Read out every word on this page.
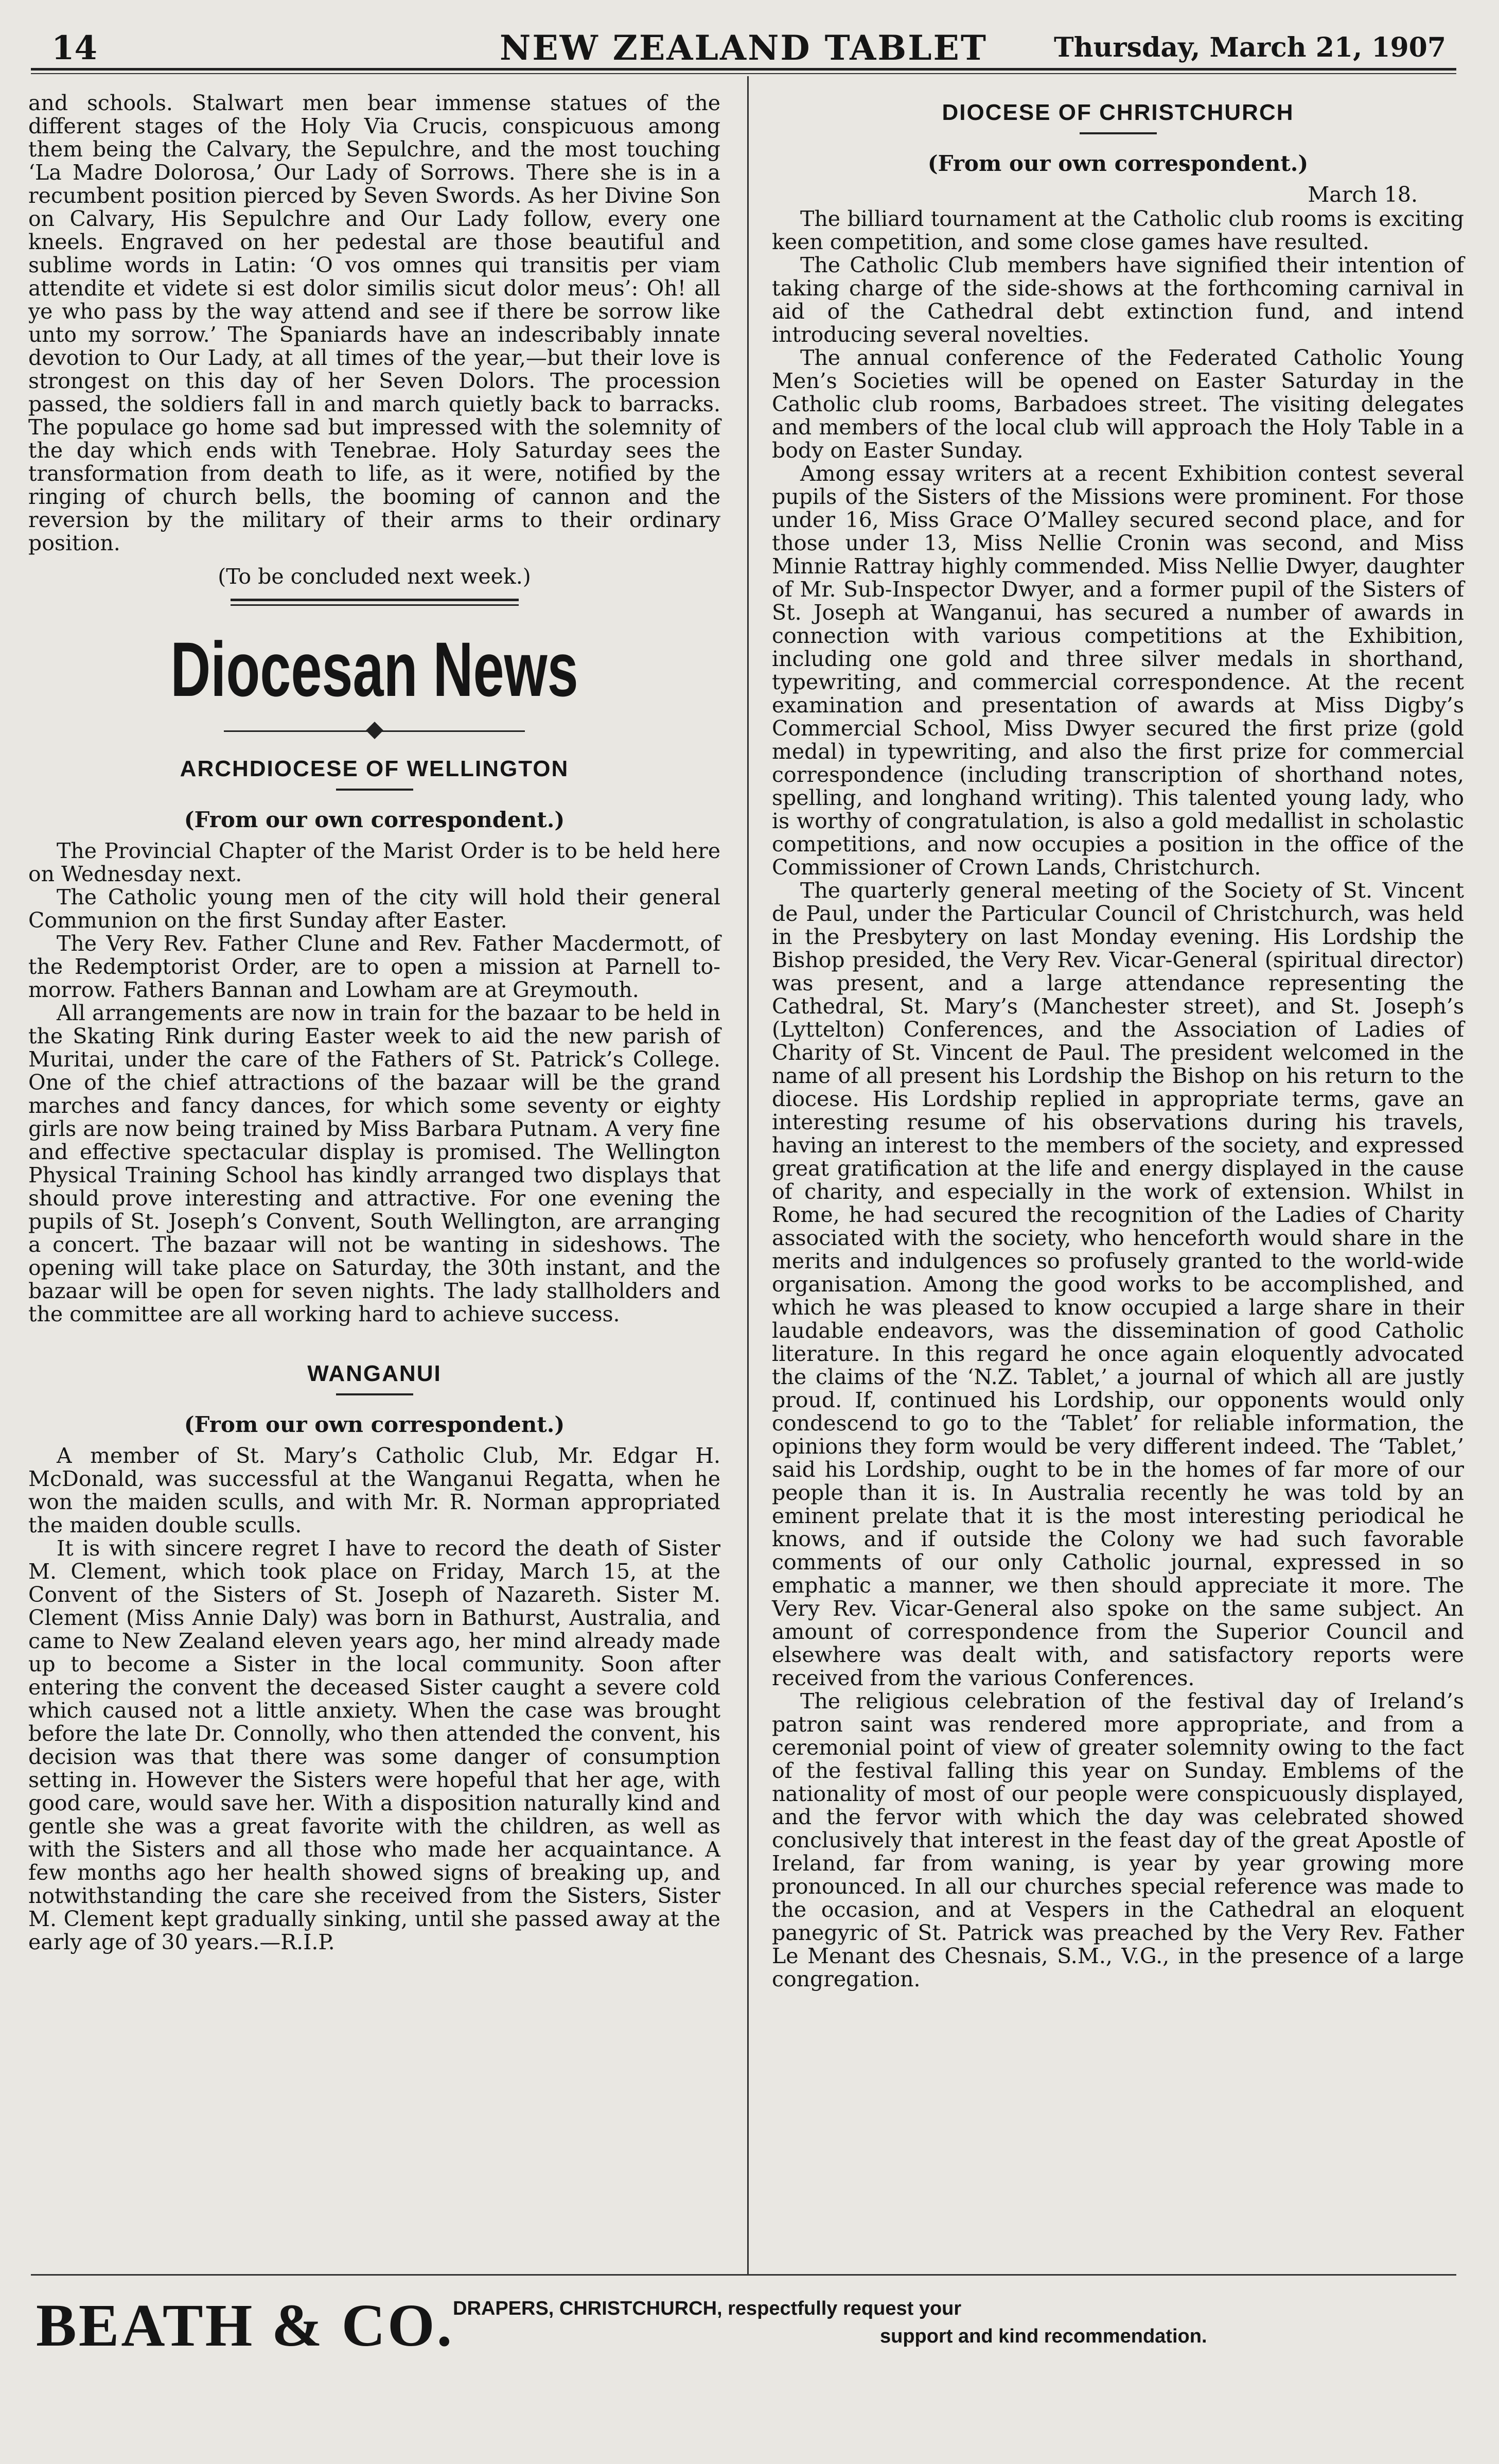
14	NEW ZEALAND TABLET	Thursday, March 21, 1907

and schools. Stalwart men bear immense statues of the different stages of the Holy Via Crucis, conspicuous among them being the Calvary, the Sepulchre, and the most touching ‘La Madre Dolorosa,’ Our Lady of Sorrows. There she is in a recumbent position pierced by Seven Swords. As her Divine Son on Calvary, His Sepulchre and Our Lady follow, every one kneels. Engraved on her pedestal are those beautiful and sublime words in Latin: ‘O vos omnes qui transitis per viam attendite et videte si est dolor similis sicut dolor meus’: Oh! all ye who pass by the way attend and see if there be sorrow like unto my sorrow.’ The Spaniards have an indescribably innate devotion to Our Lady, at all times of the year,—but their love is strongest on this day of her Seven Dolors. The procession passed, the soldiers fall in and march quietly back to barracks. The populace go home sad but impressed with the solemnity of the day which ends with Tenebrae. Holy Saturday sees the transformation from death to life, as it were, notified by the ringing of church bells, the booming of cannon and the reversion by the military of their arms to their ordinary position.

(To be concluded next week.)
Diocesan News
ARCHDIOCESE OF WELLINGTON
(From our own correspondent.)

The Provincial Chapter of the Marist Order is to be held here on Wednesday next.

The Catholic young men of the city will hold their general Communion on the first Sunday after Easter.

The Very Rev. Father Clune and Rev. Father Macdermott, of the Redemptorist Order, are to open a mission at Parnell to-morrow. Fathers Bannan and Lowham are at Greymouth.

All arrangements are now in train for the bazaar to be held in the Skating Rink during Easter week to aid the new parish of Muritai, under the care of the Fathers of St. Patrick’s College. One of the chief attractions of the bazaar will be the grand marches and fancy dances, for which some seventy or eighty girls are now being trained by Miss Barbara Putnam. A very fine and effective spectacular display is promised. The Wellington Physical Training School has kindly arranged two displays that should prove interesting and attractive. For one evening the pupils of St. Joseph’s Convent, South Wellington, are arranging a concert. The bazaar will not be wanting in sideshows. The opening will take place on Saturday, the 30th instant, and the bazaar will be open for seven nights. The lady stallholders and the committee are all working hard to achieve success.

WANGANUI
(From our own correspondent.)

A member of St. Mary’s Catholic Club, Mr. Edgar H. McDonald, was successful at the Wanganui Regatta, when he won the maiden sculls, and with Mr. R. Norman appropriated the maiden double sculls.

It is with sincere regret I have to record the death of Sister M. Clement, which took place on Friday, March 15, at the Convent of the Sisters of St. Joseph of Nazareth. Sister M. Clement (Miss Annie Daly) was born in Bathurst, Australia, and came to New Zealand eleven years ago, her mind already made up to become a Sister in the local community. Soon after entering the convent the deceased Sister caught a severe cold which caused not a little anxiety. When the case was brought before the late Dr. Connolly, who then attended the convent, his decision was that there was some danger of consumption setting in. However the Sisters were hopeful that her age, with good care, would save her. With a disposition naturally kind and gentle she was a great favorite with the children, as well as with the Sisters and all those who made her acquaintance. A few months ago her health showed signs of breaking up, and notwithstanding the care she received from the Sisters, Sister M. Clement kept gradually sinking, until she passed away at the early age of 30 years.—R.I.P.

DIOCESE OF CHRISTCHURCH
(From our own correspondent.)
March 18.

The billiard tournament at the Catholic club rooms is exciting keen competition, and some close games have resulted.

The Catholic Club members have signified their intention of taking charge of the side-shows at the forthcoming carnival in aid of the Cathedral debt extinction fund, and intend introducing several novelties.

The annual conference of the Federated Catholic Young Men’s Societies will be opened on Easter Saturday in the Catholic club rooms, Barbadoes street. The visiting delegates and members of the local club will approach the Holy Table in a body on Easter Sunday.

Among essay writers at a recent Exhibition contest several pupils of the Sisters of the Missions were prominent. For those under 16, Miss Grace O’Malley secured second place, and for those under 13, Miss Nellie Cronin was second, and Miss Minnie Rattray highly commended. Miss Nellie Dwyer, daughter of Mr. Sub-Inspector Dwyer, and a former pupil of the Sisters of St. Joseph at Wanganui, has secured a number of awards in connection with various competitions at the Exhibition, including one gold and three silver medals in shorthand, typewriting, and commercial correspondence. At the recent examination and presentation of awards at Miss Digby’s Commercial School, Miss Dwyer secured the first prize (gold medal) in typewriting, and also the first prize for commercial correspondence (including transcription of shorthand notes, spelling, and longhand writing). This talented young lady, who is worthy of congratulation, is also a gold medallist in scholastic competitions, and now occupies a position in the office of the Commissioner of Crown Lands, Christchurch.

The quarterly general meeting of the Society of St. Vincent de Paul, under the Particular Council of Christchurch, was held in the Presbytery on last Monday evening. His Lordship the Bishop presided, the Very Rev. Vicar-General (spiritual director) was present, and a large attendance representing the Cathedral, St. Mary’s (Manchester street), and St. Joseph’s (Lyttelton) Conferences, and the Association of Ladies of Charity of St. Vincent de Paul. The president welcomed in the name of all present his Lordship the Bishop on his return to the diocese. His Lordship replied in appropriate terms, gave an interesting resume of his observations during his travels, having an interest to the members of the society, and expressed great gratification at the life and energy displayed in the cause of charity, and especially in the work of extension. Whilst in Rome, he had secured the recognition of the Ladies of Charity associated with the society, who henceforth would share in the merits and indulgences so profusely granted to the world-wide organisation. Among the good works to be accomplished, and which he was pleased to know occupied a large share in their laudable endeavors, was the dissemination of good Catholic literature. In this regard he once again eloquently advocated the claims of the ‘N.Z. Tablet,’ a journal of which all are justly proud. If, continued his Lordship, our opponents would only condescend to go to the ‘Tablet’ for reliable information, the opinions they form would be very different indeed. The ‘Tablet,’ said his Lordship, ought to be in the homes of far more of our people than it is. In Australia recently he was told by an eminent prelate that it is the most interesting periodical he knows, and if outside the Colony we had such favorable comments of our only Catholic journal, expressed in so emphatic a manner, we then should appreciate it more. The Very Rev. Vicar-General also spoke on the same subject. An amount of correspondence from the Superior Council and elsewhere was dealt with, and satisfactory reports were received from the various Conferences.

The religious celebration of the festival day of Ireland’s patron saint was rendered more appropriate, and from a ceremonial point of view of greater solemnity owing to the fact of the festival falling this year on Sunday. Emblems of the nationality of most of our people were conspicuously displayed, and the fervor with which the day was celebrated showed conclusively that interest in the feast day of the great Apostle of Ireland, far from waning, is year by year growing more pronounced. In all our churches special reference was made to the occasion, and at Vespers in the Cathedral an eloquent panegyric of St. Patrick was preached by the Very Rev. Father Le Menant des Chesnais, S.M., V.G., in the presence of a large congregation.

BEATH & CO.
DRAPERS, CHRISTCHURCH, respectfully request your
support and kind recommendation.
